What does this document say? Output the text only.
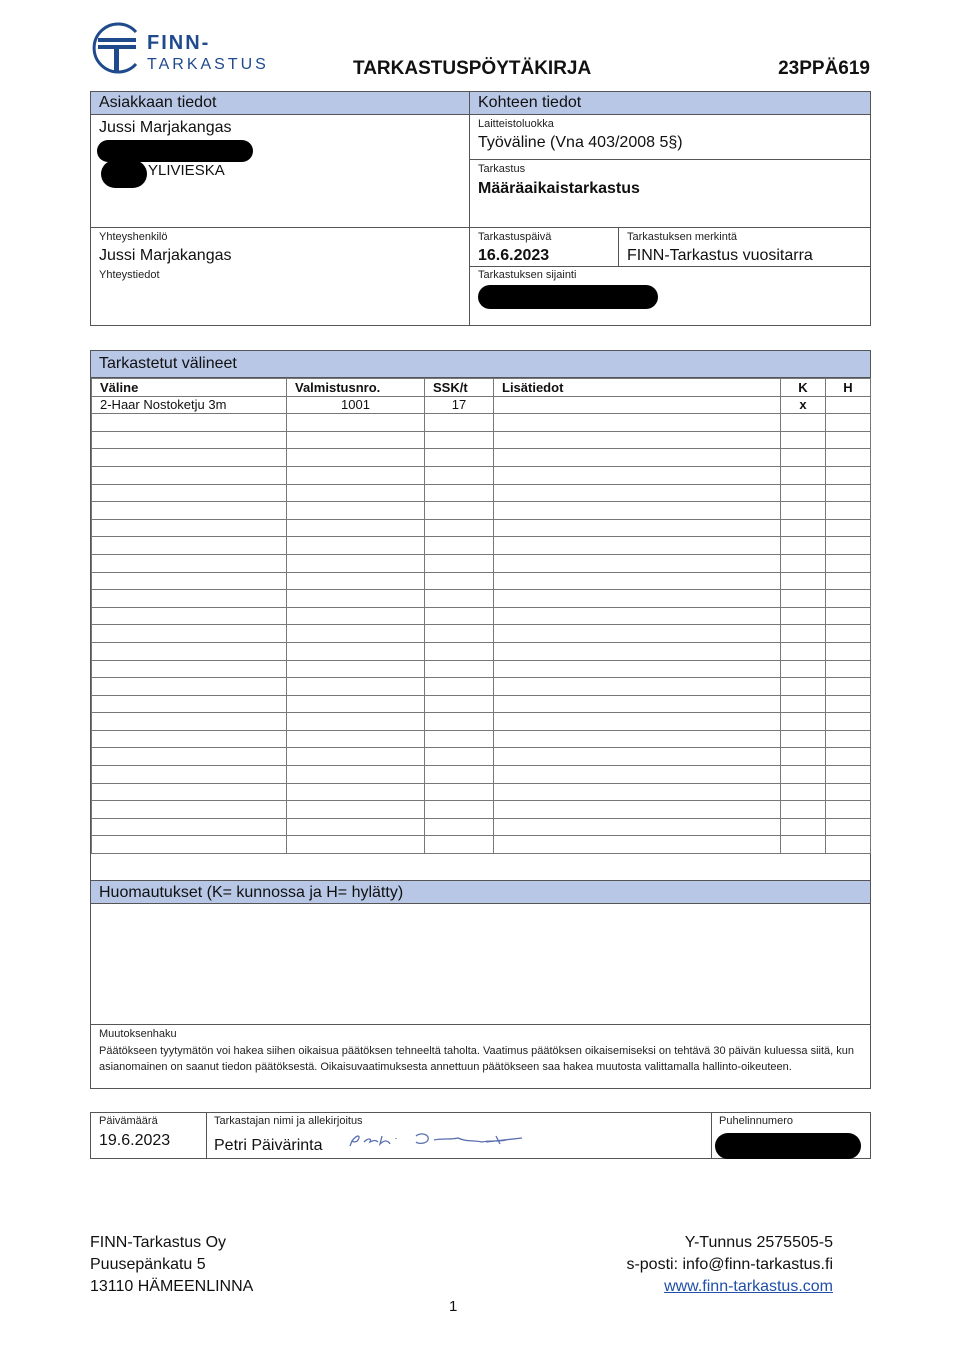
FINN-
TARKASTUS	TARKASTUSPÖYTÄKIRJA	23PPÄ619
Asiakkaan tiedot
Jussi Marjakangas
YLIVIESKA
Yhteyshenkilö
Jussi Marjakangas
Yhteystiedot
Kohteen tiedot
Laitteistoluokka
Työväline (Vna 403/2008 5§)
Tarkastus
Määräaikaistarkastus
Tarkastuspäivä
16.6.2023
Tarkastuksen merkintä
FINN-Tarkastus vuositarra
Tarkastuksen sijainti
Tarkastetut välineet
Väline	Valmistusnro.	SSK/t	Lisätiedot	K	H
2-Haar Nostoketju 3m	1001	17		x	

Huomautukset (K= kunnossa ja H= hylätty)
Muutoksenhaku
Päätökseen tyytymätön voi hakea siihen oikaisua päätöksen tehneeltä taholta. Vaatimus päätöksen oikaisemiseksi on tehtävä 30 päivän kuluessa siitä, kun asianomainen on saanut tiedon päätöksestä. Oikaisuvaatimuksesta annettuun päätökseen saa hakea muutosta valittamalla hallinto-oikeuteen.
Päivämäärä
19.6.2023
Tarkastajan nimi ja allekirjoitus
Petri Päivärinta
Puhelinnumero
FINN-Tarkastus Oy
Puusepänkatu 5
13110 HÄMEENLINNA
Y-Tunnus 2575505-5
s-posti: info@finn-tarkastus.fi
www.finn-tarkastus.com
1
